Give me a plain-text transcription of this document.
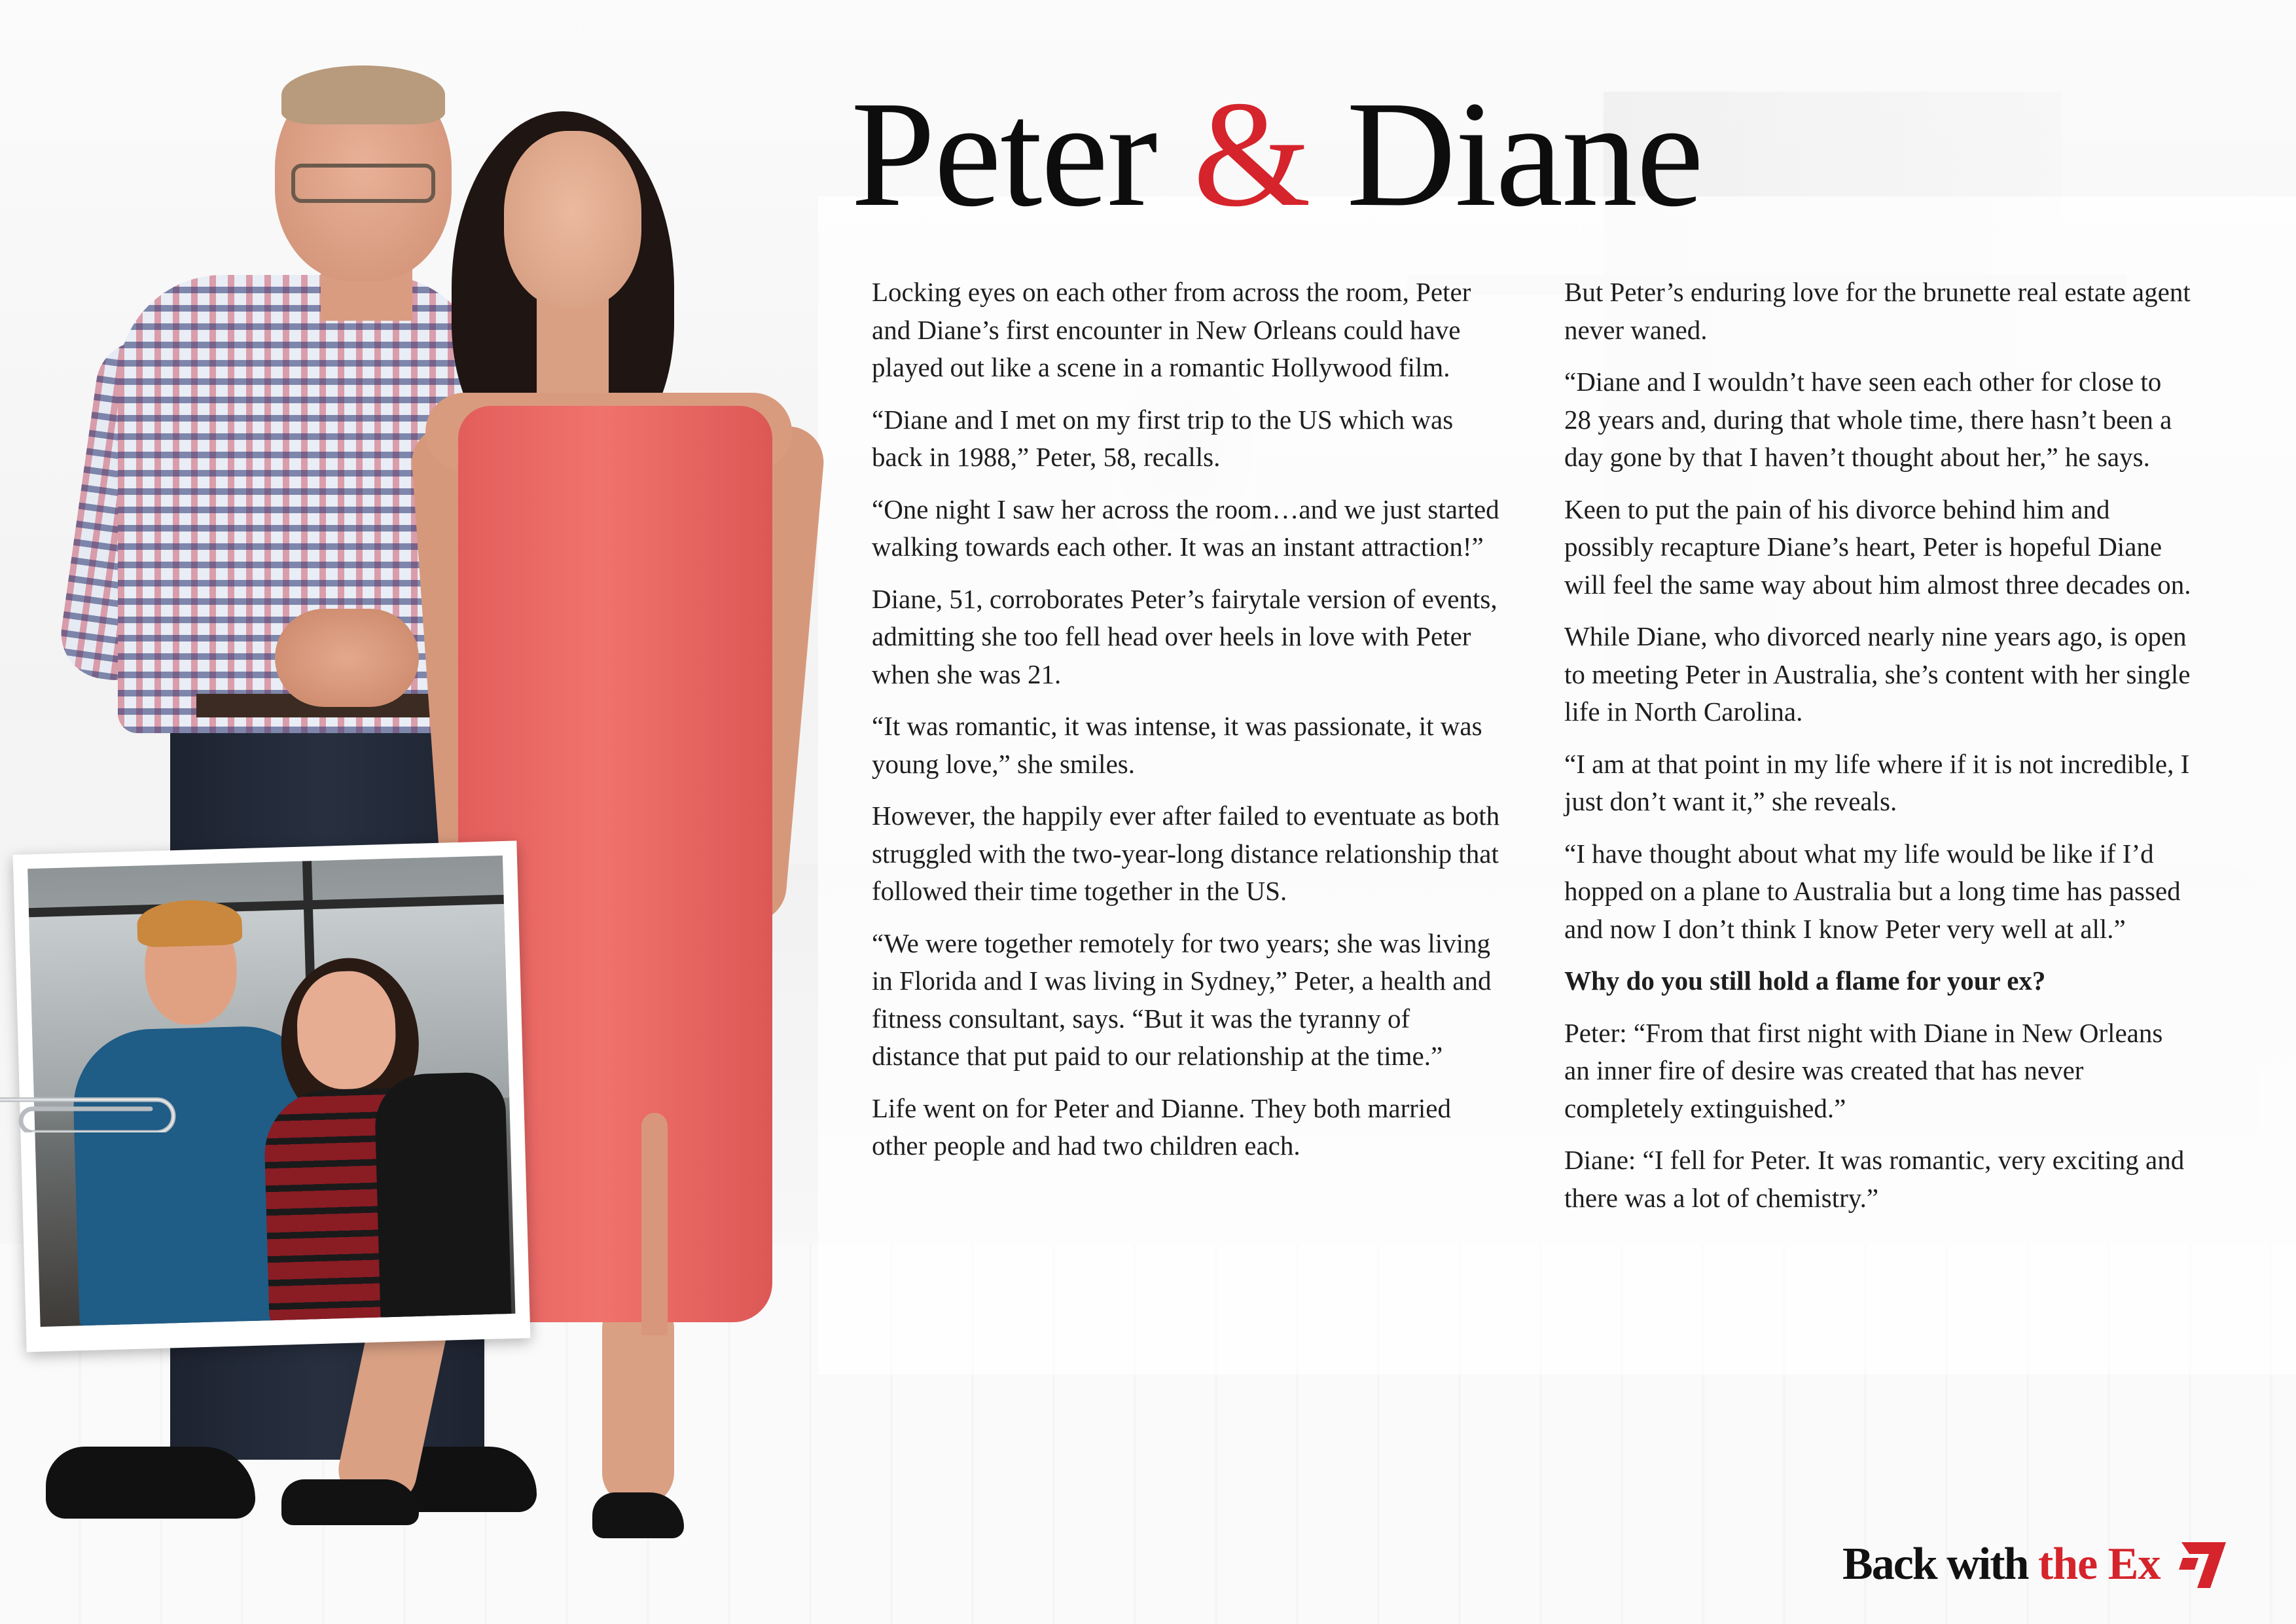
Peter & Diane

Locking eyes on each other from across the room, Peter and Diane’s first encounter in New Orleans could have played out like a scene in a romantic Hollywood film.

“Diane and I met on my first trip to the US which was back in 1988,” Peter, 58, recalls.

“One night I saw her across the room…and we just started walking towards each other. It was an instant attraction!”

Diane, 51, corroborates Peter’s fairytale version of events, admitting she too fell head over heels in love with Peter when she was 21.

“It was romantic, it was intense, it was passionate, it was young love,” she smiles.

However, the happily ever after failed to eventuate as both struggled with the two-year-long distance relationship that followed their time together in the US.

“We were together remotely for two years; she was living in Florida and I was living in Sydney,” Peter, a health and fitness consultant, says. “But it was the tyranny of distance that put paid to our relationship at the time.”

Life went on for Peter and Dianne. They both married other people and had two children each.

But Peter’s enduring love for the brunette real estate agent never waned.

“Diane and I wouldn’t have seen each other for close to 28 years and, during that whole time, there hasn’t been a day gone by that I haven’t thought about her,” he says.

Keen to put the pain of his divorce behind him and possibly recapture Diane’s heart, Peter is hopeful Diane will feel the same way about him almost three decades on.

While Diane, who divorced nearly nine years ago, is open to meeting Peter in Australia, she’s content with her single life in North Carolina.

“I am at that point in my life where if it is not incredible, I just don’t want it,” she reveals.

“I have thought about what my life would be like if I’d hopped on a plane to Australia but a long time has passed and now I don’t think I know Peter very well at all.”

Why do you still hold a flame for your ex?

Peter: “From that first night with Diane in New Orleans an inner fire of desire was created that has never completely extinguished.”

Diane: “I fell for Peter. It was romantic, very exciting and there was a lot of chemistry.”

Back with the Ex
